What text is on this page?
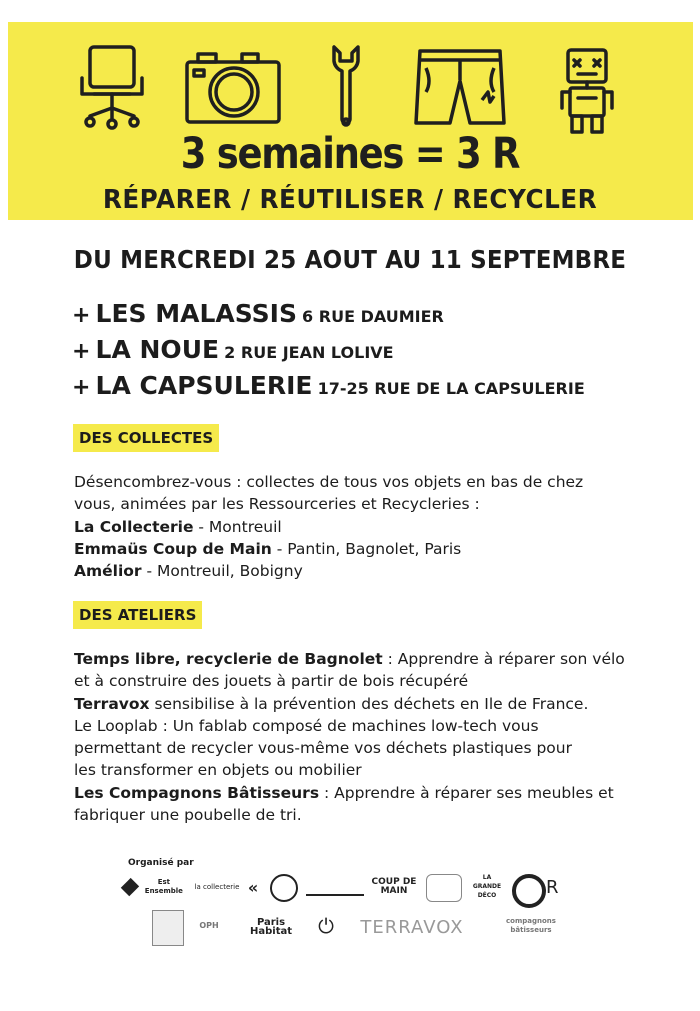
3 semaines = 3 R
RÉPARER / RÉUTILISER / RECYCLER
DU MERCREDI 25 AOUT AU 11 SEPTEMBRE
+ LES MALASSIS 6 RUE DAUMIER
+ LA NOUE 2 RUE JEAN LOLIVE
+ LA CAPSULERIE 17-25 RUE DE LA CAPSULERIE
DES COLLECTES
Désencombrez-vous : collectes de tous vos objets en bas de chez
vous, animées par les Ressourceries et Recycleries :
La Collecterie - Montreuil
Emmaüs Coup de Main - Pantin, Bagnolet, Paris
Amélior - Montreuil, Bobigny
DES ATELIERS
Temps libre, recyclerie de Bagnolet : Apprendre à réparer son vélo
et à construire des jouets à partir de bois récupéré
Terravox sensibilise à la prévention des déchets en Ile de France.
Le Looplab : Un fablab composé de machines low-tech vous
permettant de recycler vous-même vos déchets plastiques pour
les transformer en objets ou mobilier
Les Compagnons Bâtisseurs : Apprendre à réparer ses meubles et
fabriquer une poubelle de tri.
Organisé par
Est Ensemble
la collecterie «	COUP DE MAIN
LA GRANDE DÉCO	R
OPH	Paris Habitat	⏻	TERRAVOX	compagnons bâtisseurs
